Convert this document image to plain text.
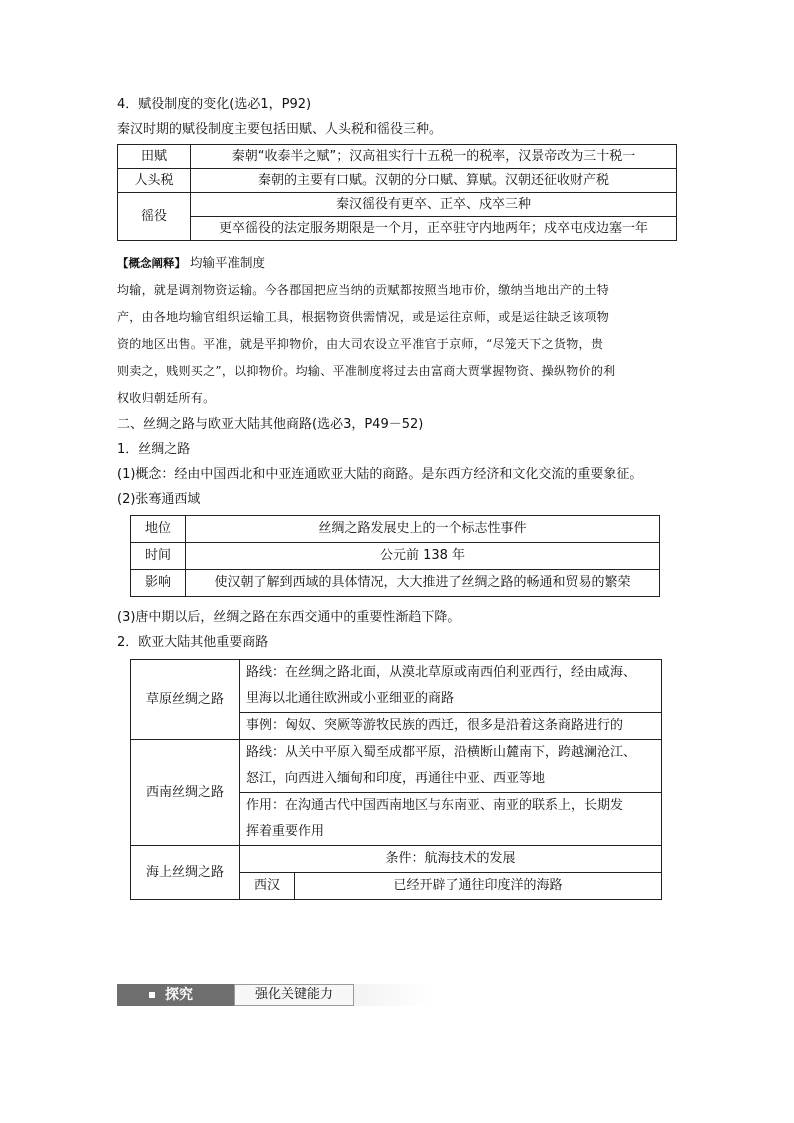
4．赋役制度的变化(选必1，P92)
秦汉时期的赋役制度主要包括田赋、人头税和徭役三种。
田赋	秦朝“收泰半之赋”；汉高祖实行十五税一的税率，汉景帝改为三十税一
人头税	秦朝的主要有口赋。汉朝的分口赋、算赋。汉朝还征收财产税
徭役	秦汉徭役有更卒、正卒、戍卒三种
	更卒徭役的法定服务期限是一个月，正卒驻守内地两年；戍卒屯戍边塞一年
【概念阐释】 均输平准制度
均输，就是调剂物资运输。今各郡国把应当纳的贡赋都按照当地市价，缴纳当地出产的土特
产，由各地均输官组织运输工具，根据物资供需情况，或是运往京师，或是运往缺乏该项物
资的地区出售。平准，就是平抑物价，由大司农设立平准官于京师，“尽笼天下之货物，贵
则卖之，贱则买之”，以抑物价。均输、平准制度将过去由富商大贾掌握物资、操纵物价的利
权收归朝廷所有。
二、丝绸之路与欧亚大陆其他商路(选必3，P49－52)
1．丝绸之路
(1)概念：经由中国西北和中亚连通欧亚大陆的商路。是东西方经济和文化交流的重要象征。
(2)张骞通西域
地位	丝绸之路发展史上的一个标志性事件
时间	公元前 138 年
影响	使汉朝了解到西域的具体情况，大大推进了丝绸之路的畅通和贸易的繁荣
(3)唐中期以后，丝绸之路在东西交通中的重要性渐趋下降。
2．欧亚大陆其他重要商路
草原丝绸之路	路线：在丝绸之路北面，从漠北草原或南西伯利亚西行，经由咸海、
里海以北通往欧洲或小亚细亚的商路	

	事例：匈奴、突厥等游牧民族的西迁，很多是沿着这条商路进行的	
西南丝绸之路	路线：从关中平原入蜀至成都平原，沿横断山麓南下，跨越澜沧江、
怒江，向西进入缅甸和印度，再通往中亚、西亚等地	

	作用：在沟通古代中国西南地区与东南亚、南亚的联系上，长期发
挥着重要作用	

海上丝绸之路	条件：航海技术的发展	
	西汉	已经开辟了通往印度洋的海路
探究	强化关键能力
